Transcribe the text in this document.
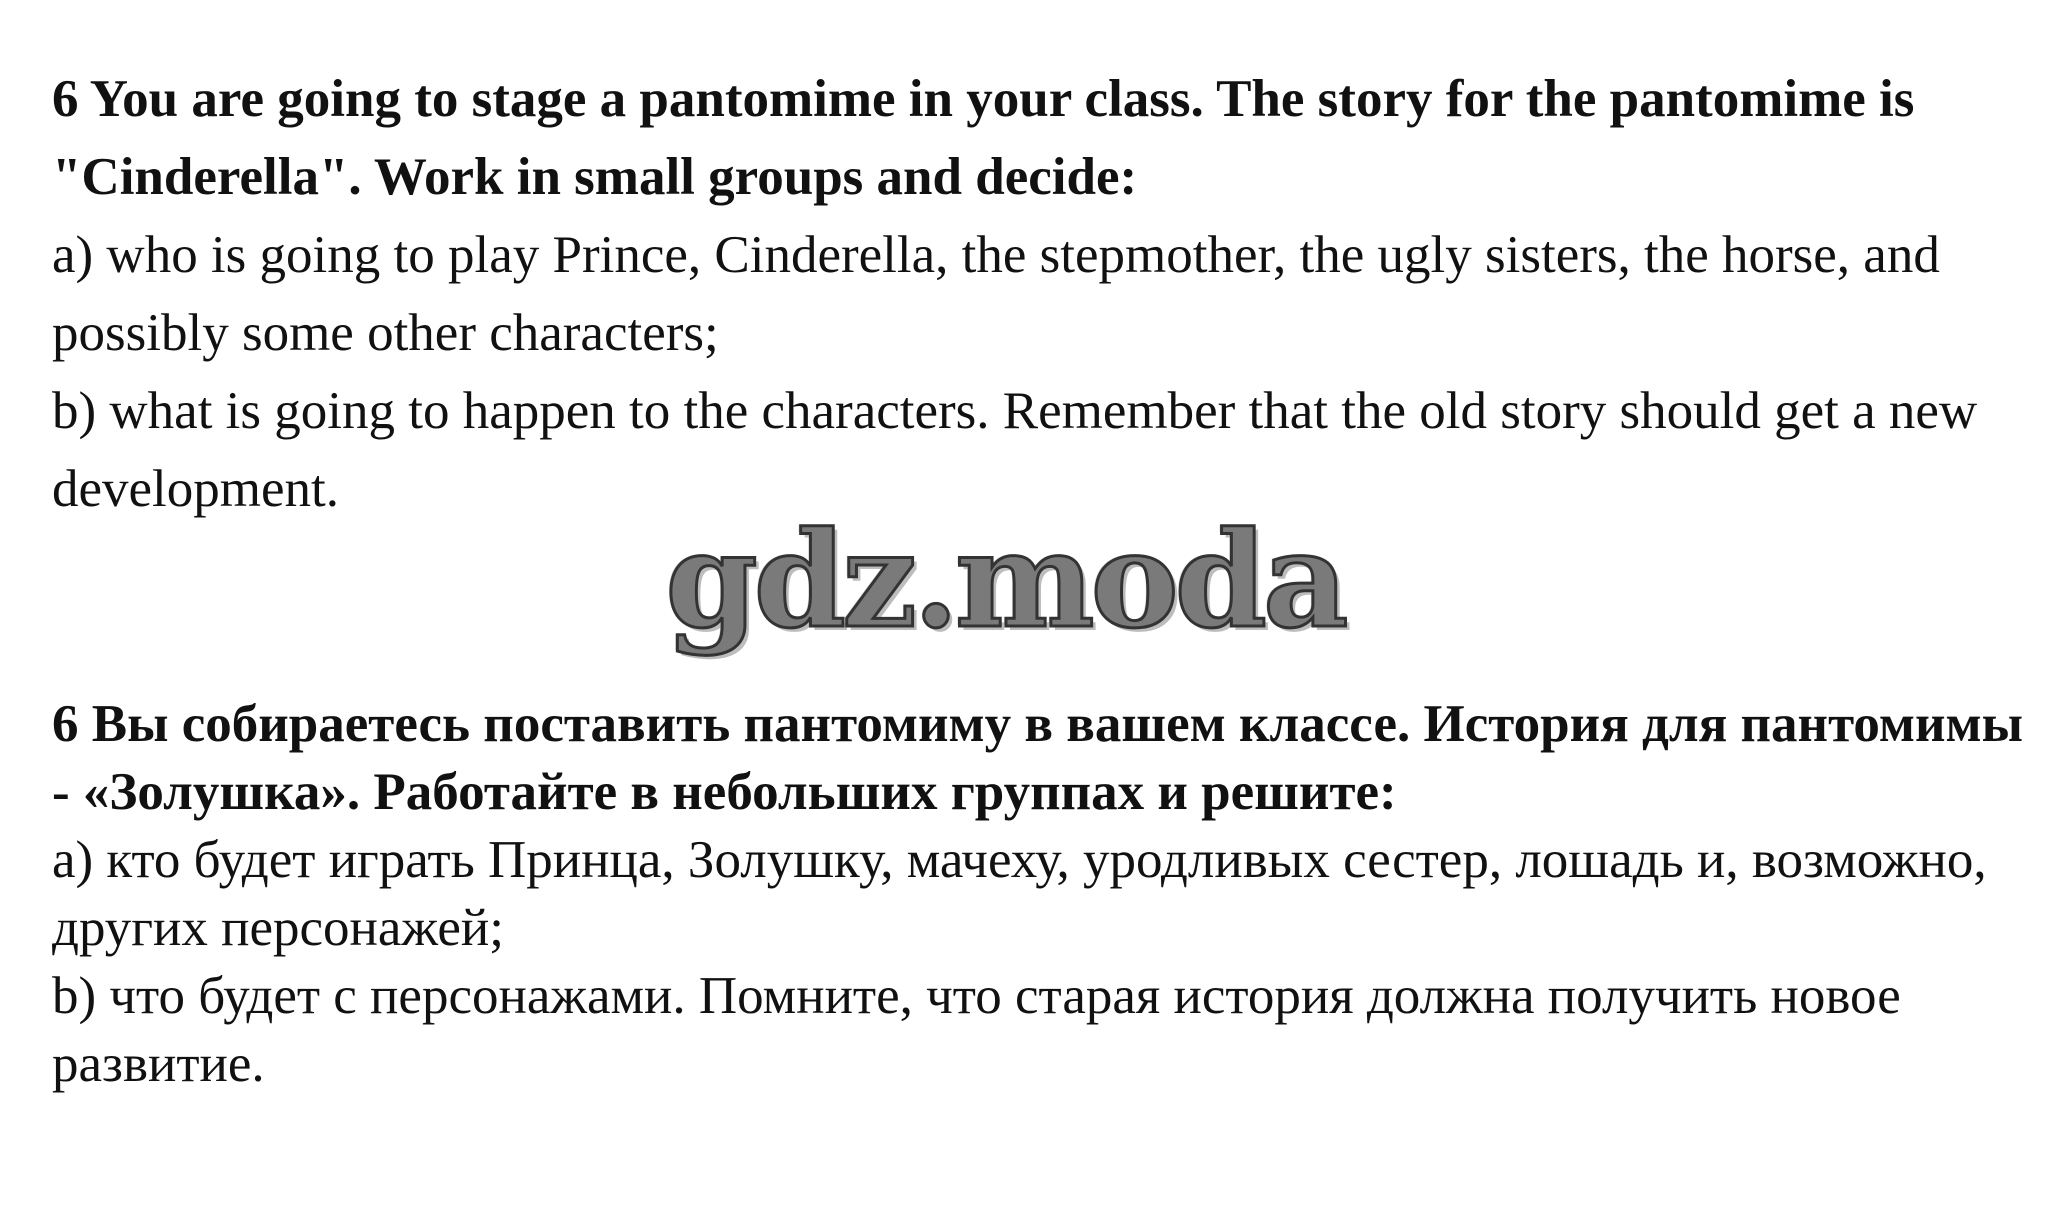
6 You are going to stage a pantomime in your class. The story for the pantomime is "Cinderella". Work in small groups and decide:

a) who is going to play Prince, Cinderella, the stepmother, the ugly sisters, the horse, and possibly some other characters;

b) what is going to happen to the characters. Remember that the old story should get a new development.

6 Вы собираетесь поставить пантомиму в вашем классе. История для пантомимы - «Золушка». Работайте в небольших группах и решите:

a) кто будет играть Принца, Золушку, мачеху, уродливых сестер, лошадь и, возможно, других персонажей;

b) что будет с персонажами. Помните, что старая история должна получить новое развитие.

gdz.moda
